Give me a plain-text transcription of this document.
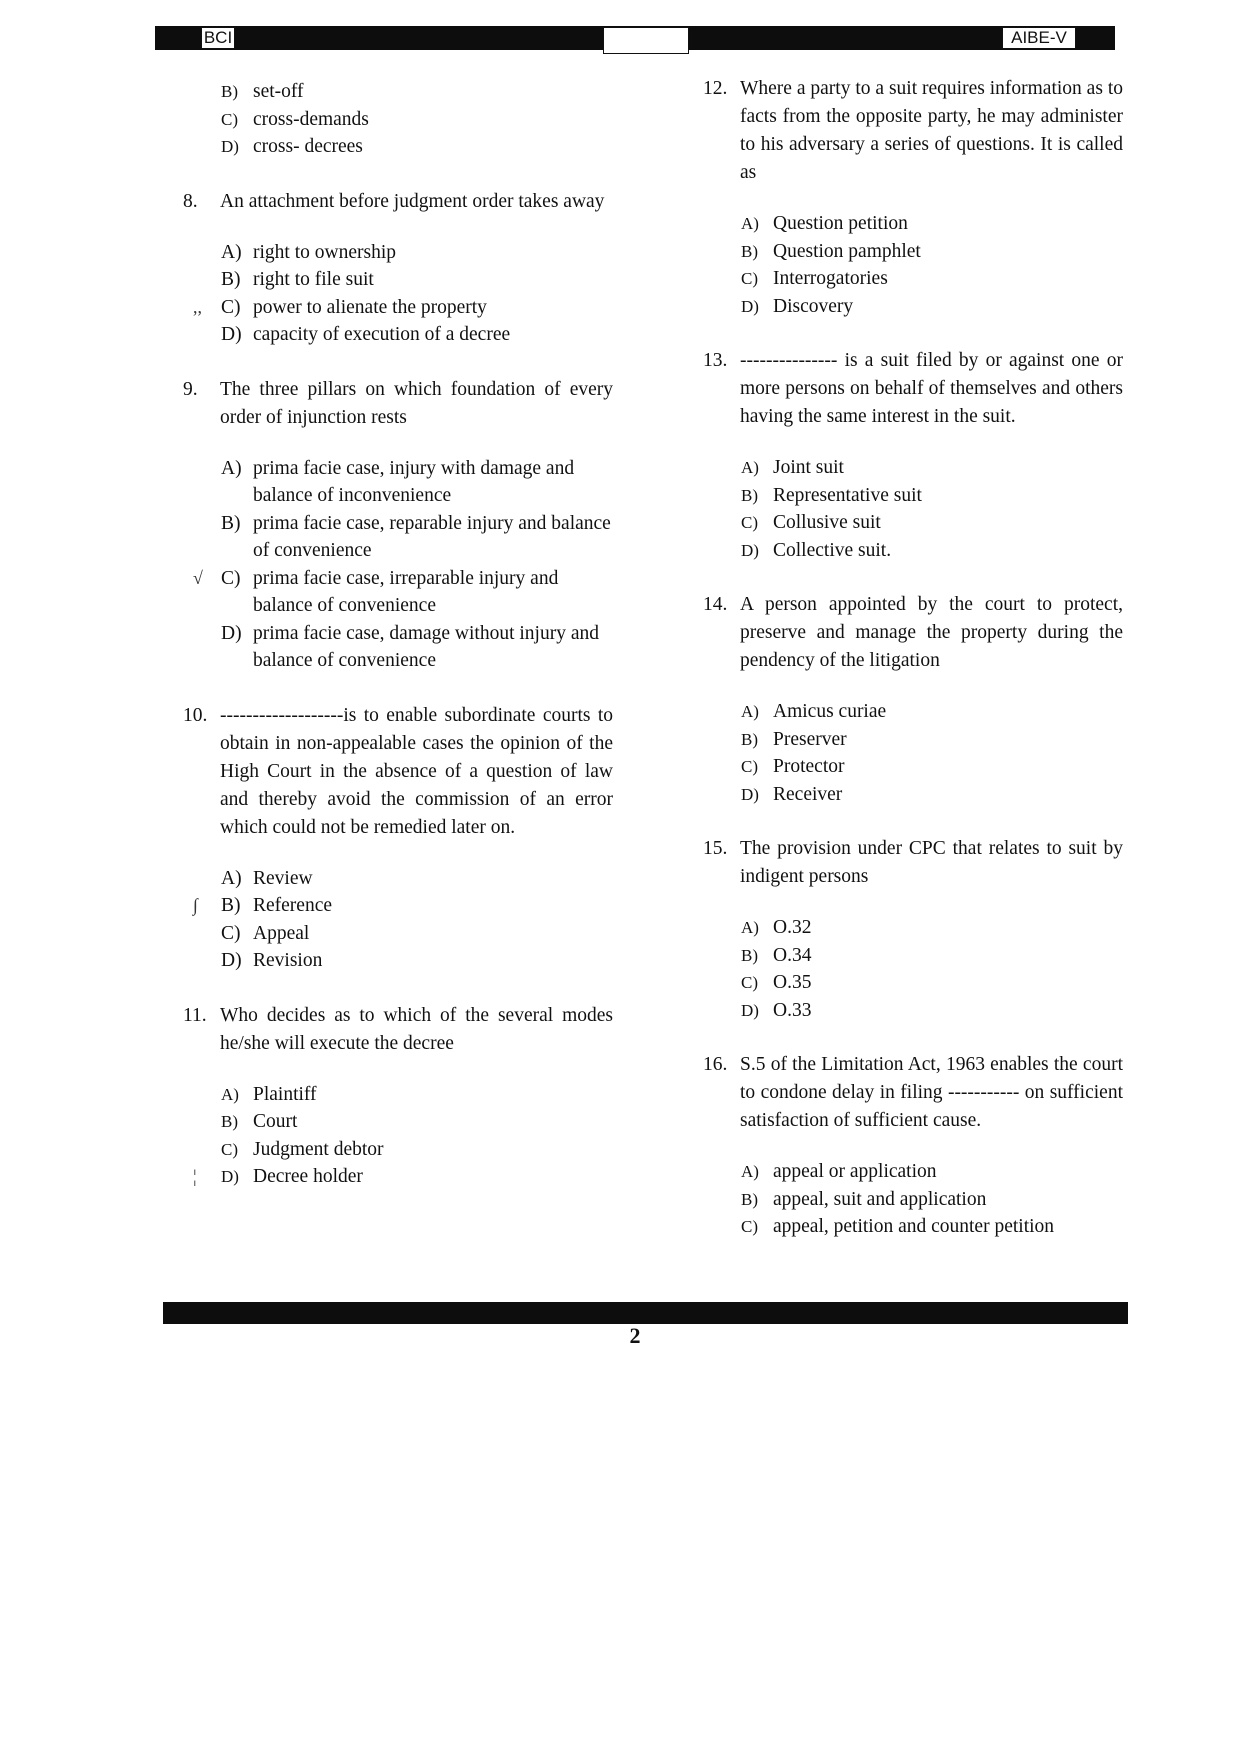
BCI	AIBE-V
B) set-off
C) cross-demands
D) cross- decrees
8. An attachment before judgment order takes away
A) right to ownership
B) right to file suit
,, C) power to alienate the property
D) capacity of execution of a decree
9. The three pillars on which foundation of every order of injunction rests
A) prima facie case, injury with damage and balance of inconvenience
B) prima facie case, reparable injury and balance of convenience
√ C) prima facie case, irreparable injury and balance of convenience
D) prima facie case, damage without injury and balance of convenience
10. -------------------is to enable subordinate courts to obtain in non-appealable cases the opinion of the High Court in the absence of a question of law and thereby avoid the commission of an error which could not be remedied later on.
A) Review
∫ B) Reference
C) Appeal
D) Revision
11. Who decides as to which of the several modes he/she will execute the decree
A) Plaintiff
B) Court
C) Judgment debtor
¦ D) Decree holder
12. Where a party to a suit requires information as to facts from the opposite party, he may administer to his adversary a series of questions. It is called as
A) Question petition
B) Question pamphlet
C) Interrogatories
D) Discovery
13. --------------- is a suit filed by or against one or more persons on behalf of themselves and others having the same interest in the suit.
A) Joint suit
B) Representative suit
C) Collusive suit
D) Collective suit.
14. A person appointed by the court to protect, preserve and manage the property during the pendency of the litigation
A) Amicus curiae
B) Preserver
C) Protector
D) Receiver
15. The provision under CPC that relates to suit by indigent persons
A) O.32
B) O.34
C) O.35
D) O.33
16. S.5 of the Limitation Act, 1963 enables the court to condone delay in filing ----------- on sufficient satisfaction of sufficient cause.
A) appeal or application
B) appeal, suit and application
C) appeal, petition and counter petition
2
